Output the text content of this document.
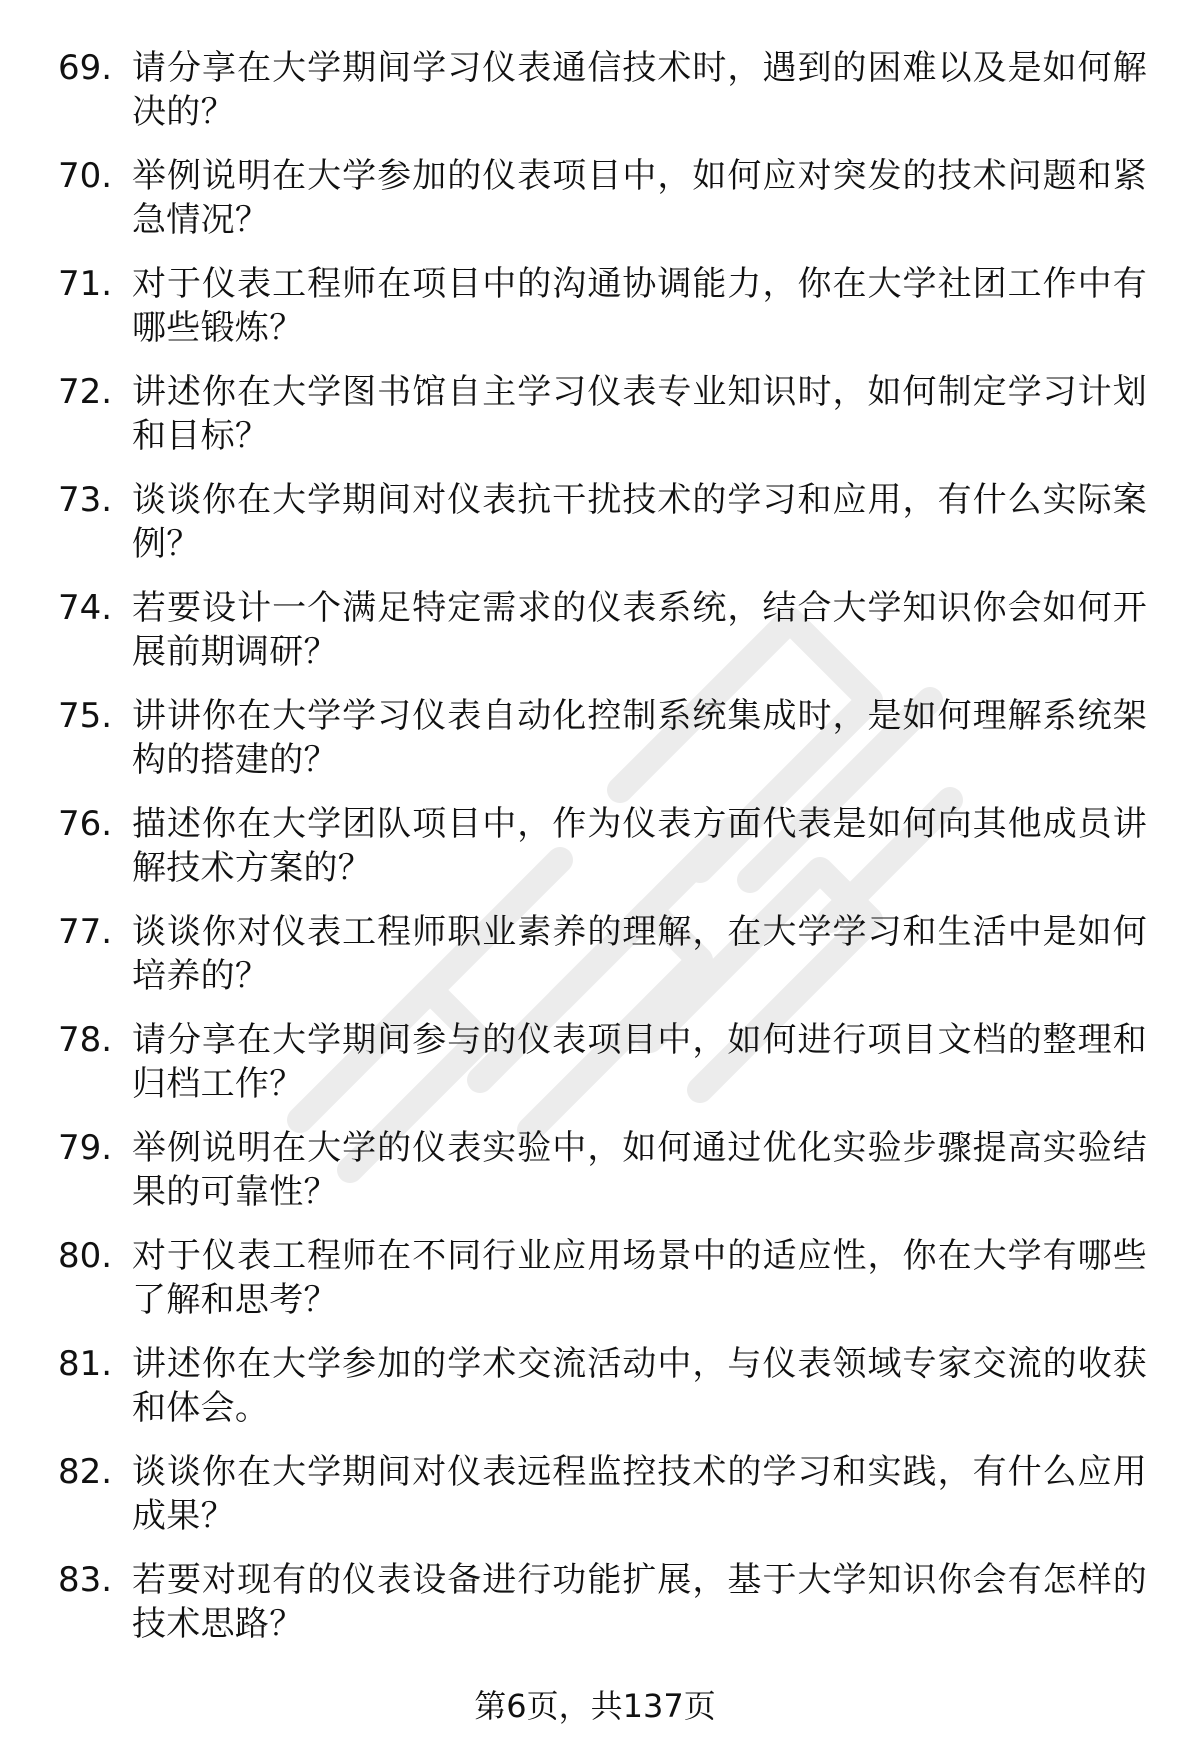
69. 请分享在大学期间学习仪表通信技术时，遇到的困难以及是如何解决的？
70. 举例说明在大学参加的仪表项目中，如何应对突发的技术问题和紧急情况？
71. 对于仪表工程师在项目中的沟通协调能力，你在大学社团工作中有哪些锻炼？
72. 讲述你在大学图书馆自主学习仪表专业知识时，如何制定学习计划和目标？
73. 谈谈你在大学期间对仪表抗干扰技术的学习和应用，有什么实际案例？
74. 若要设计一个满足特定需求的仪表系统，结合大学知识你会如何开展前期调研？
75. 讲讲你在大学学习仪表自动化控制系统集成时，是如何理解系统架构的搭建的？
76. 描述你在大学团队项目中，作为仪表方面代表是如何向其他成员讲解技术方案的？
77. 谈谈你对仪表工程师职业素养的理解，在大学学习和生活中是如何培养的？
78. 请分享在大学期间参与的仪表项目中，如何进行项目文档的整理和归档工作？
79. 举例说明在大学的仪表实验中，如何通过优化实验步骤提高实验结果的可靠性？
80. 对于仪表工程师在不同行业应用场景中的适应性，你在大学有哪些了解和思考？
81. 讲述你在大学参加的学术交流活动中，与仪表领域专家交流的收获和体会。
82. 谈谈你在大学期间对仪表远程监控技术的学习和实践，有什么应用成果？
83. 若要对现有的仪表设备进行功能扩展，基于大学知识你会有怎样的技术思路？
第6页，共137页
